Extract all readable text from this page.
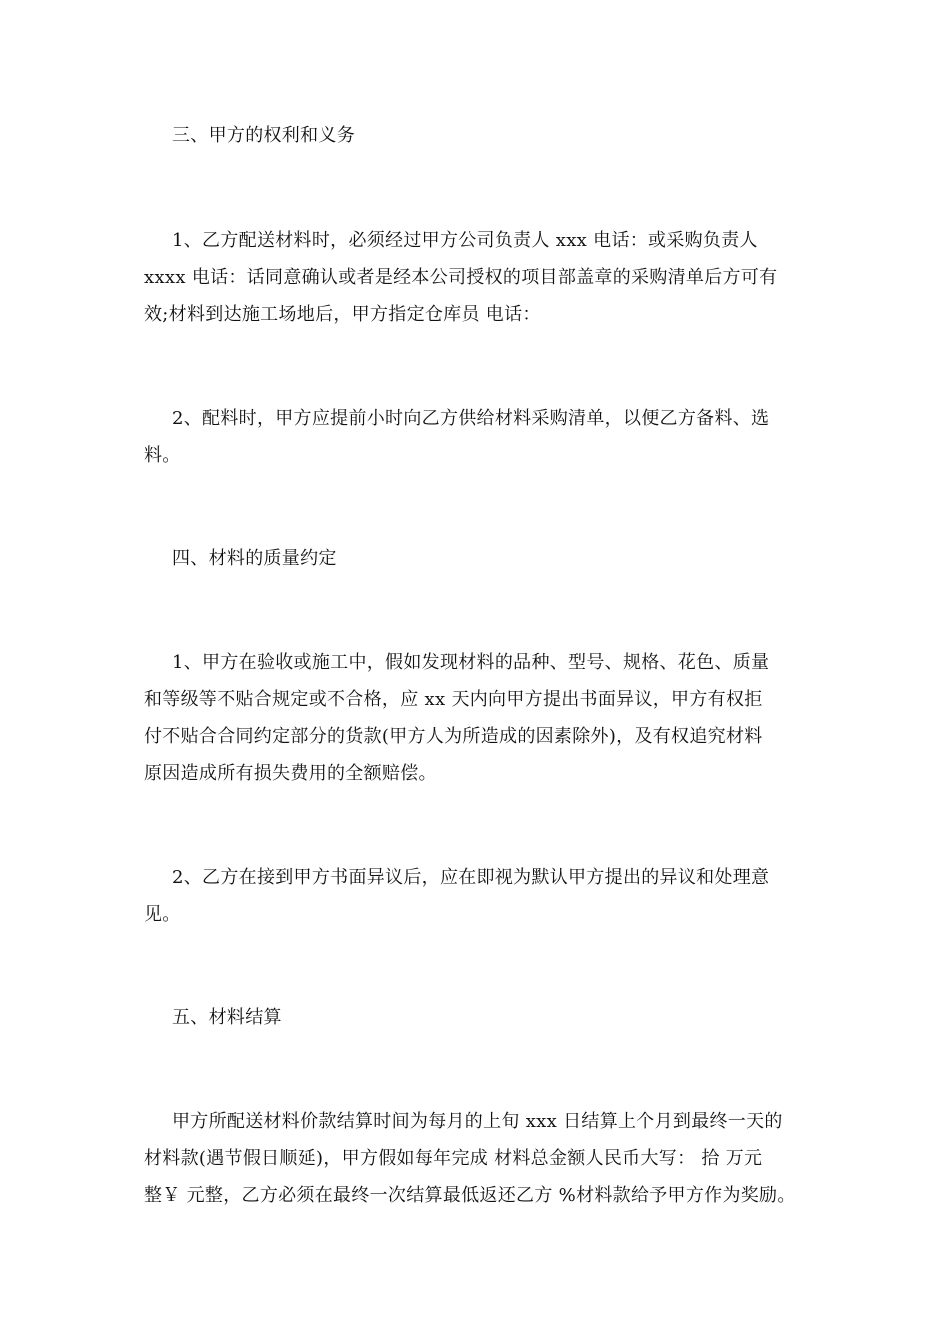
三、甲方的权利和义务
1、乙方配送材料时，必须经过甲方公司负责人 xxx 电话：或采购负责人
xxxx 电话：话同意确认或者是经本公司授权的项目部盖章的采购清单后方可有
效;材料到达施工场地后，甲方指定仓库员 电话：
2、配料时，甲方应提前小时向乙方供给材料采购清单，以便乙方备料、选
料。
四、材料的质量约定
1、甲方在验收或施工中，假如发现材料的品种、型号、规格、花色、质量
和等级等不贴合规定或不合格，应 xx 天内向甲方提出书面异议，甲方有权拒
付不贴合合同约定部分的货款(甲方人为所造成的因素除外)，及有权追究材料
原因造成所有损失费用的全额赔偿。
2、乙方在接到甲方书面异议后，应在即视为默认甲方提出的异议和处理意
见。
五、材料结算
甲方所配送材料价款结算时间为每月的上旬 xxx 日结算上个月到最终一天的
材料款(遇节假日顺延)，甲方假如每年完成 材料总金额人民币大写： 拾 万元
整￥ 元整，乙方必须在最终一次结算最低返还乙方 %材料款给予甲方作为奖励。
